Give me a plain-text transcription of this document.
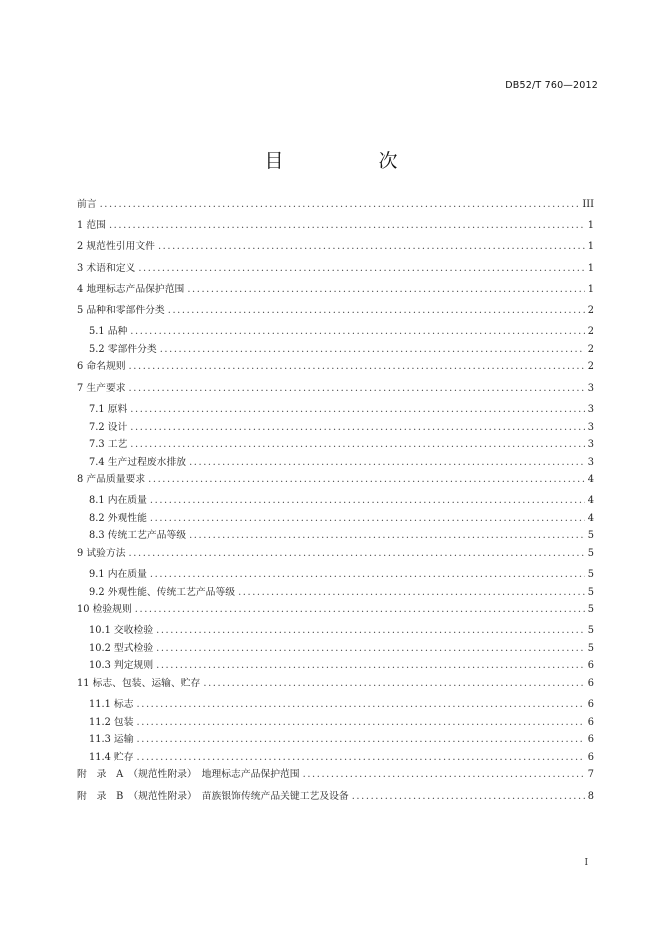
DB52/T 760—2012
目　次
前言 .....	III
1 范围 .....	1
2 规范性引用文件 .....	1
3 术语和定义 .....	1
4 地理标志产品保护范围 .....	1
5 品种和零部件分类 .....	2
5.1 品种 .....	2
5.2 零部件分类 .....	2
6 命名规则 .....	2
7 生产要求 .....	3
7.1 原料 .....	3
7.2 设计 .....	3
7.3 工艺 .....	3
7.4 生产过程废水排放 .....	3
8 产品质量要求 .....	4
8.1 内在质量 .....	4
8.2 外观性能 .....	4
8.3 传统工艺产品等级 .....	5
9 试验方法 .....	5
9.1 内在质量 .....	5
9.2 外观性能、传统工艺产品等级 .....	5
10 检验规则 .....	5
10.1 交收检验 .....	5
10.2 型式检验 .....	5
10.3 判定规则 .....	6
11 标志、包装、运输、贮存 .....	6
11.1 标志 .....	6
11.2 包装 .....	6
11.3 运输 .....	6
11.4 贮存 .....	6
附　录　A　（规范性附录）　地理标志产品保护范围 .....	7
附　录　B　（规范性附录）　苗族银饰传统产品关键工艺及设备 .....	8
I
